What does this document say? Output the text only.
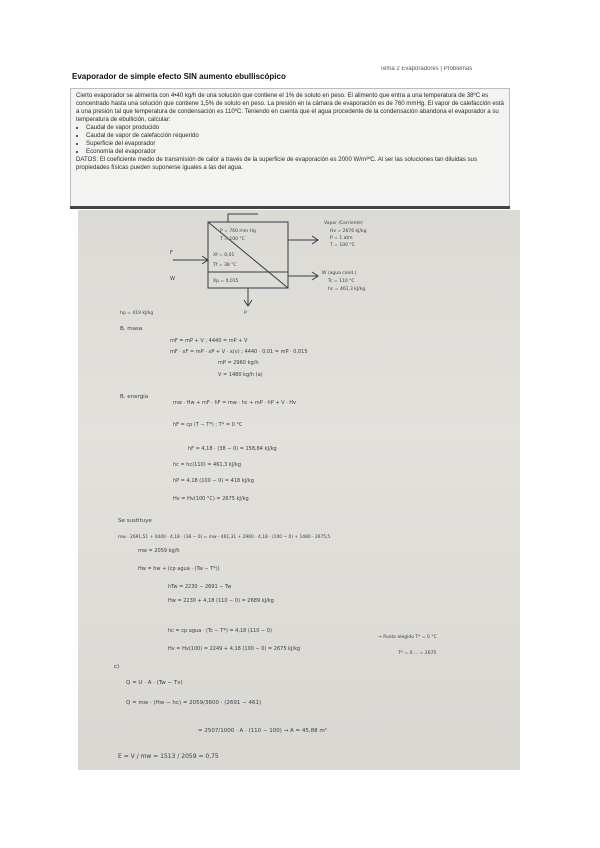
Tema 2 Evaporadores | Problemas
Evaporador de simple efecto SIN aumento ebulliscópico

Cierto evaporador se alimenta con 4•40 kg/h de una solución que contiene el 1% de soluto en peso. El alimento que entra a una temperatura de 38ºC es concentrado hasta una solución que contiene 1,5% de soluto en peso. La presión en la cámara de evaporación es de 760 mmHg. El vapor de calefacción está a una presión tal que temperatura de condensación es 110ºC. Teniendo en cuenta que el agua procedente de la condensación abandona el evaporador a su temperatura de ebullición, calcular:

• Caudal de vapor producido
• Caudal de vapor de calefacción requerido
• Superficie del evaporador
• Economía del evaporador

DATOS: El coeficiente medio de transmisión de calor a través de la superficie de evaporación es 2000 W/m²ºC. Al ser las soluciones tan diluidas sus propiedades físicas pueden suponerse iguales a las del agua.

P = 760 mm Hg
T = 100 °C
Vapor (Corriente)
Hv = 2676 kJ/kg
P = 1 atm
T = 100 °C
Xf = 0,01
Tf = 38 °C
Xp = 0,015
F
W
P
hp = 419 kJ/kg
W (agua cond.)
Tc = 110 °C
hc = 461,3 kJ/kg
B. masa
mF = mP + V ; 4440 = mP + V
mF · xF = mP · xP + V · x(v) ; 4440 · 0,01 = mP · 0,015
mP = 2960 kg/h
V = 1480 kg/h (a)
B. energía
mw · Hw + mF · hF = mw · hc + mP · hP + V · Hv
hF = cp (T − T*) ; T* = 0 °C
hF = 4,18 · (38 − 0) = 158,84 kJ/kg
hc = hc(110) = 461,3 kJ/kg
hP = 4,18 (100 − 0) = 418 kJ/kg
Hv = Hv(100 °C) = 2675 kJ/kg
Se sustituye
mw · 2691,51 + 4440 · 4,18 · (38 − 0) = mw · 461,31 + 2960 · 4,18 · (100 − 0) + 1480 · 2675,5
mw = 2059 kg/h
Hw = hw + (cp agua · (Tw − T*))
hTw = 2230 − 2691 − Tw
Hw = 2230 + 4,18 (110 − 0) = 2689 kJ/kg
hc = cp agua · (Tc − T*) = 4,18 (110 − 0)
Hv = Hv(100) = 2249 + 4,18 (100 − 0) = 2675 kJ/kg
→ Punto elegido T* = 0 °C
T* = 0 ... = 2675
c)
Q = U · A · (Tw − Tv)
Q = mw · (Hw − hc) = 2059/3600 · (2691 − 461)
= 2507/1000 · A · (110 − 100) → A = 45,88 m²
E = V / mw = 1513 / 2059 = 0,75
